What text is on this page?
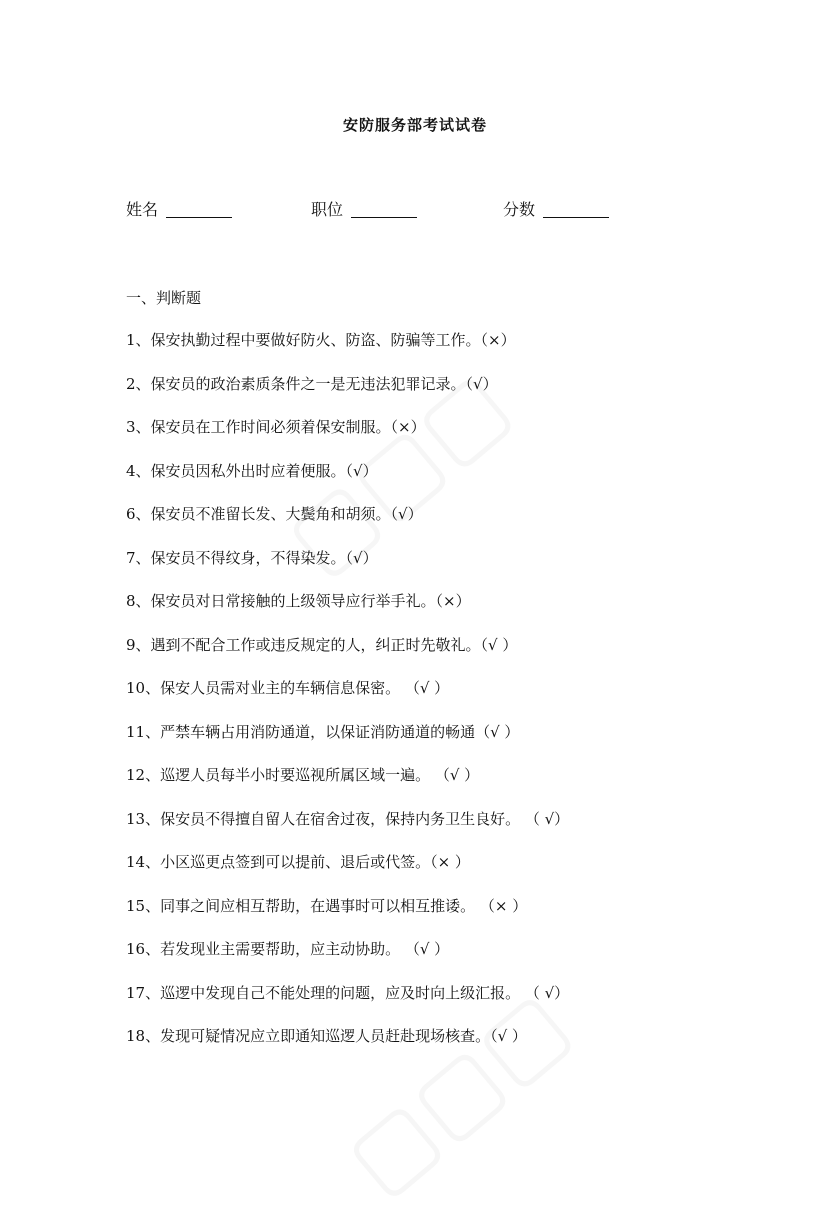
安防服务部考试试卷
姓名	职位	分数
一、判断题
1、保安执勤过程中要做好防火、防盗、防骗等工作。（×）
2、保安员的政治素质条件之一是无违法犯罪记录。（√）
3、保安员在工作时间必须着保安制服。（×）
4、保安员因私外出时应着便服。（√）
6、保安员不准留长发、大鬓角和胡须。（√）
7、保安员不得纹身，不得染发。（√）
8、保安员对日常接触的上级领导应行举手礼。（×）
9、遇到不配合工作或违反规定的人，纠正时先敬礼。（√ ）
10、保安人员需对业主的车辆信息保密。 （√ ）
11、严禁车辆占用消防通道，以保证消防通道的畅通（√ ）
12、巡逻人员每半小时要巡视所属区域一遍。 （√ ）
13、保安员不得擅自留人在宿舍过夜，保持内务卫生良好。 （ √）
14、小区巡更点签到可以提前、退后或代签。（× ）
15、同事之间应相互帮助，在遇事时可以相互推诿。 （× ）
16、若发现业主需要帮助，应主动协助。 （√ ）
17、巡逻中发现自己不能处理的问题，应及时向上级汇报。 （ √）
18、发现可疑情况应立即通知巡逻人员赶赴现场核查。（√ ）
